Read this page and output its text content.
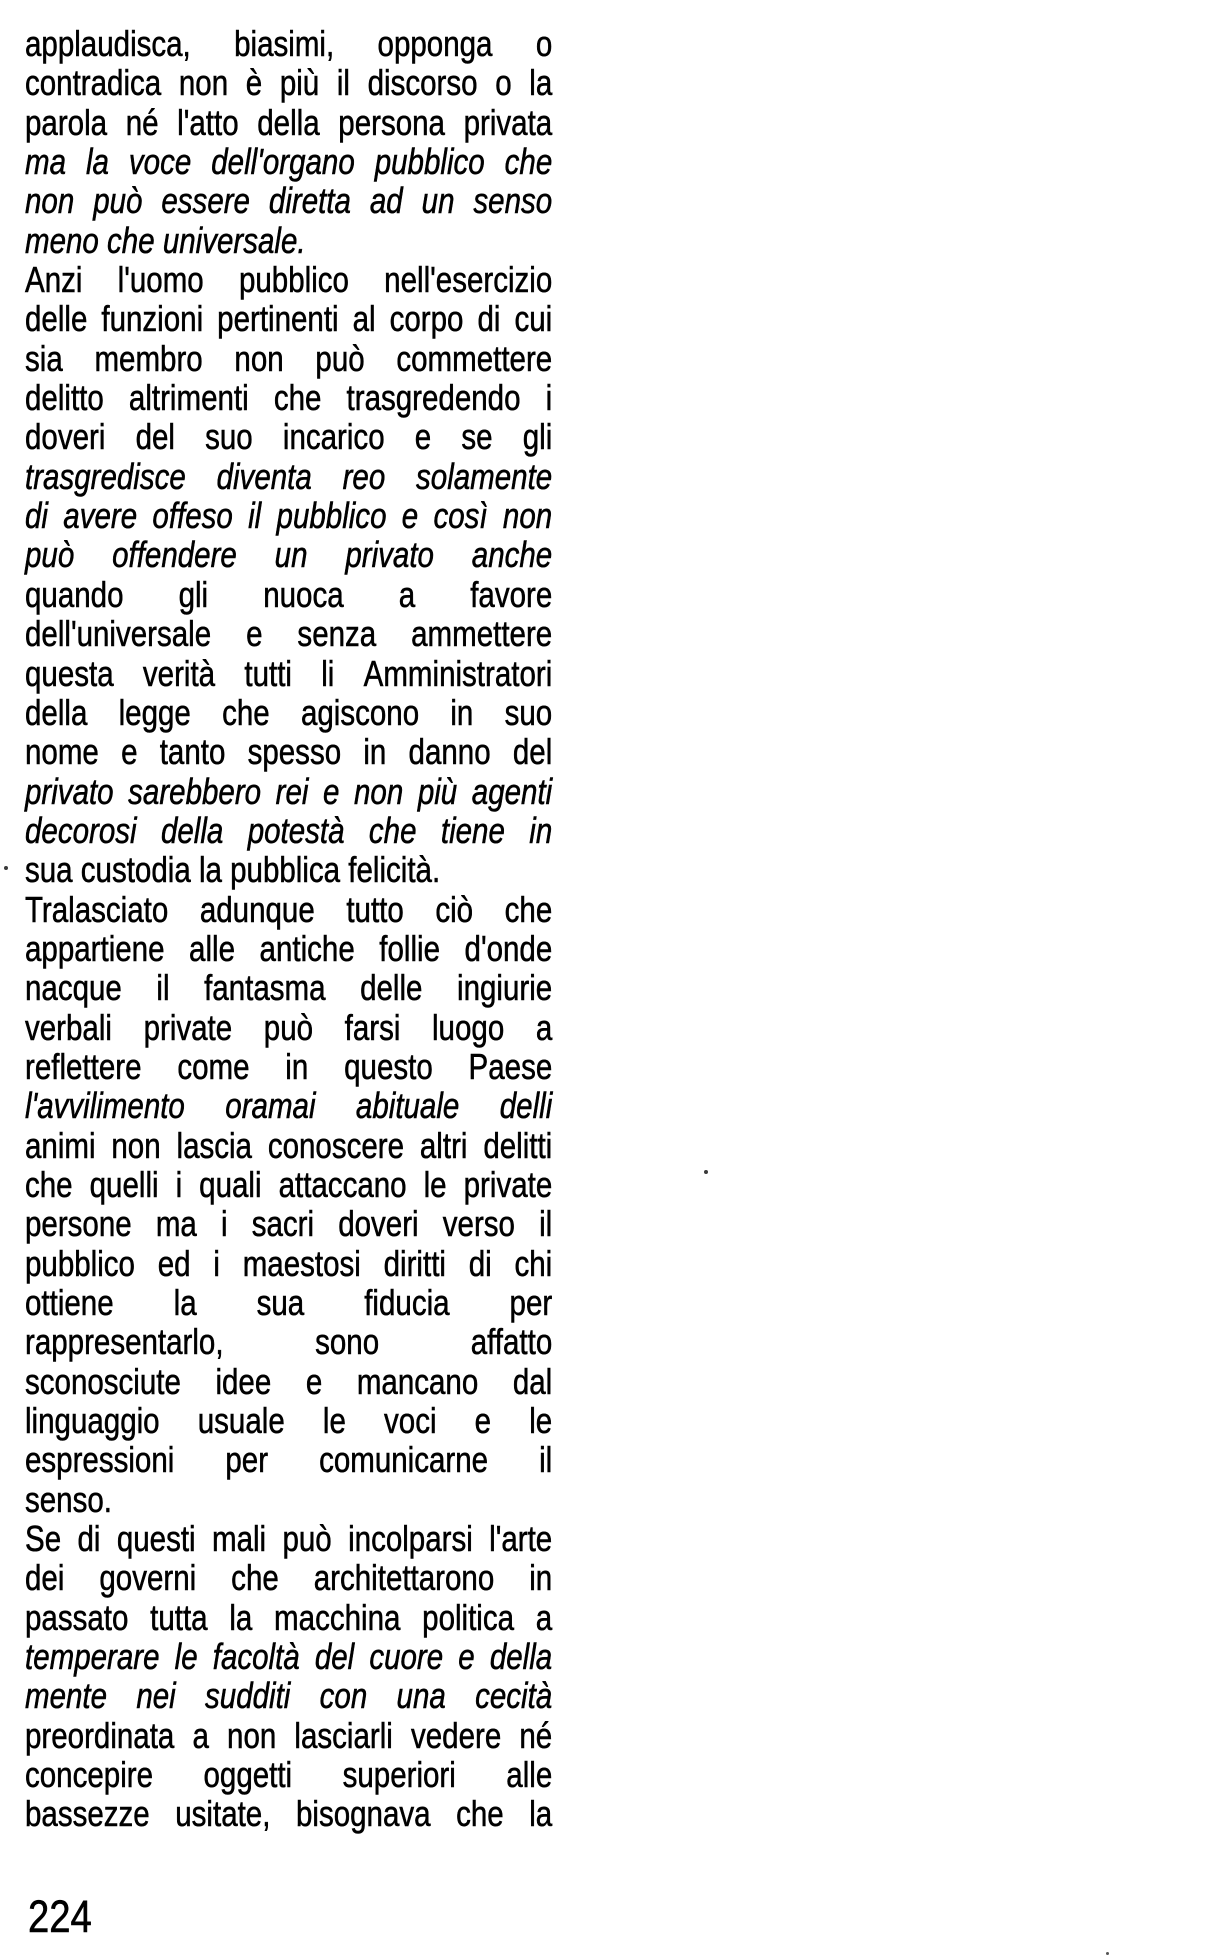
applaudisca, biasimi, opponga o
contradica non è più il discorso o la
parola né l'atto della persona privata
ma la voce dell'organo pubblico che
non può essere diretta ad un senso
meno che universale.
Anzi l'uomo pubblico nell'esercizio
delle funzioni pertinenti al corpo di cui
sia membro non può commettere
delitto altrimenti che trasgredendo i
doveri del suo incarico e se gli
trasgredisce diventa reo solamente
di avere offeso il pubblico e così non
può offendere un privato anche
quando gli nuoca a favore
dell'universale e senza ammettere
questa verità tutti li Amministratori
della legge che agiscono in suo
nome e tanto spesso in danno del
privato sarebbero rei e non più agenti
decorosi della potestà che tiene in
sua custodia la pubblica felicità.
Tralasciato adunque tutto ciò che
appartiene alle antiche follie d'onde
nacque il fantasma delle ingiurie
verbali private può farsi luogo a
reflettere come in questo Paese
l'avvilimento oramai abituale delli
animi non lascia conoscere altri delitti
che quelli i quali attaccano le private
persone ma i sacri doveri verso il
pubblico ed i maestosi diritti di chi
ottiene la sua fiducia per
rappresentarlo,	sono	affatto
sconosciute idee e mancano dal
linguaggio usuale le voci e le
espressioni per comunicarne il
senso.
Se di questi mali può incolparsi l'arte
dei governi che architettarono in
passato tutta la macchina politica a
temperare le facoltà del cuore e della
mente nei sudditi con una cecità
preordinata a non lasciarli vedere né
concepire oggetti superiori alle
bassezze usitate, bisognava che la
224
